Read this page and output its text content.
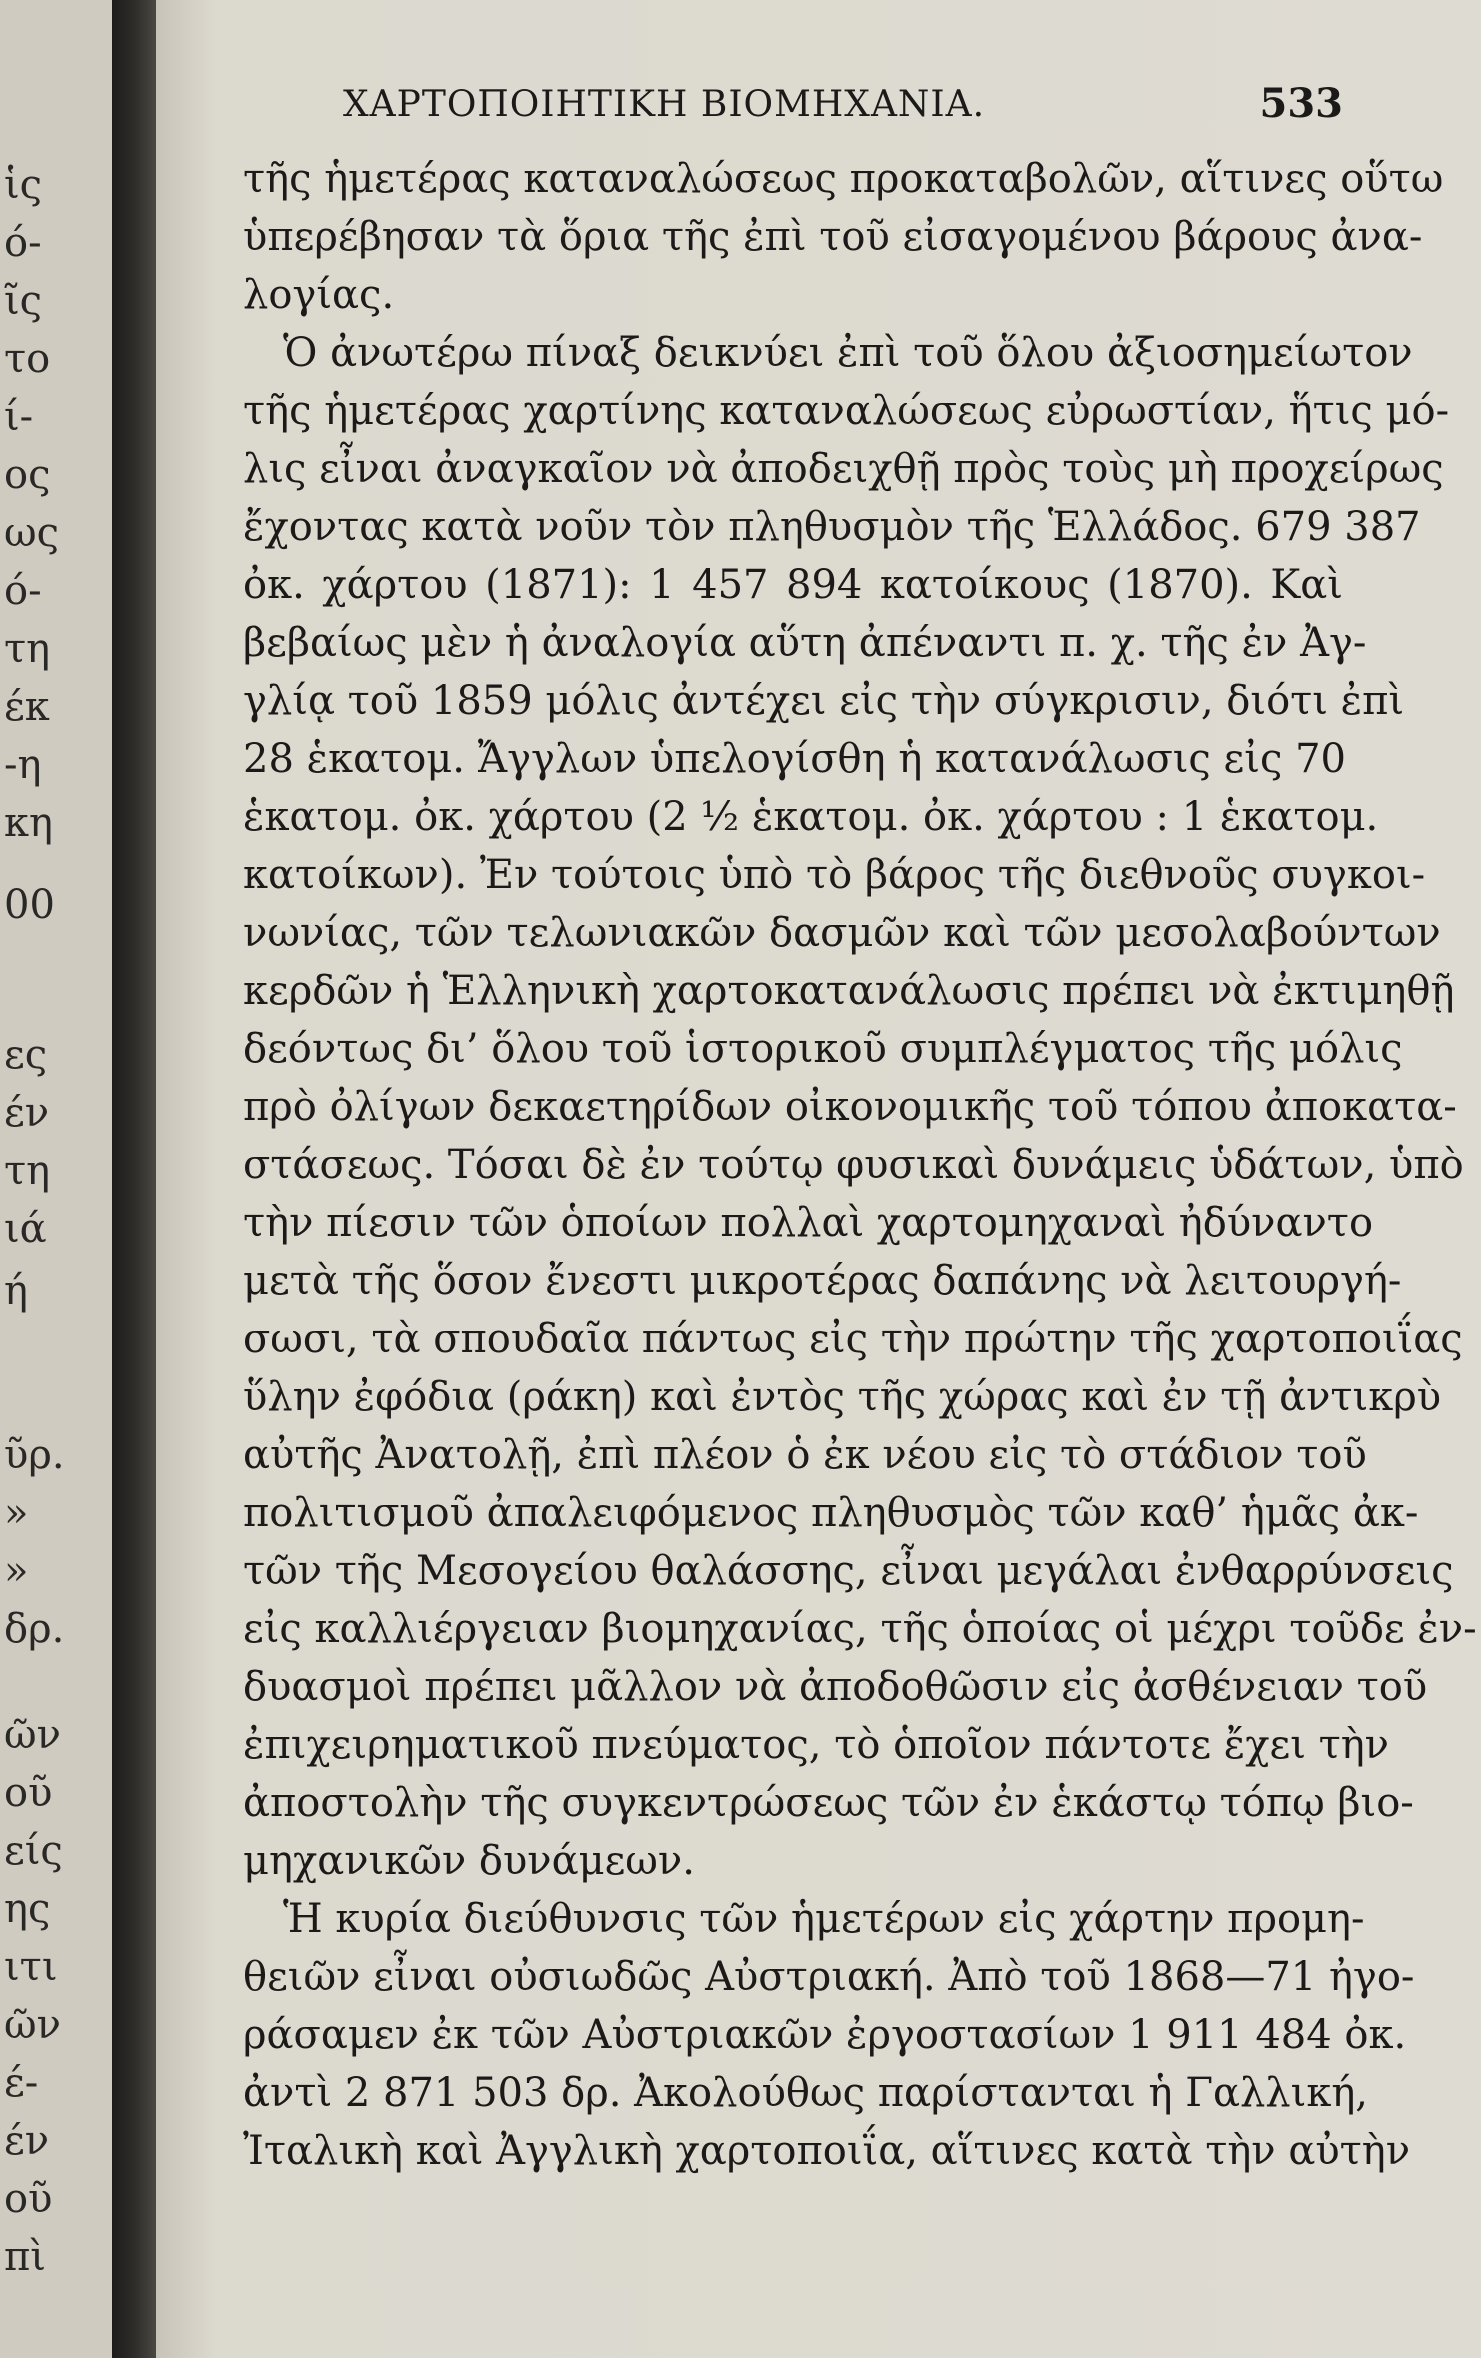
ἱς
ό-
ῖς
το
ί-
ος
ως
ό-
τη
έκ
-η
κη
00
ες
έν
τη
ιά
ή
ῦρ.
»
»
δρ.
ῶν
οῦ
είς
ης
ιτι
ῶν
έ-
έν
οῦ
πὶ
ΧΑΡΤΟΠΟΙΗΤΙΚΗ ΒΙΟΜΗΧΑΝΙΑ.	533
τῆς ἡμετέρας καταναλώσεως προκαταβολῶν, αἵτινες οὕτω
ὑπερέβησαν τὰ ὅρια τῆς ἐπὶ τοῦ εἰσαγομένου βάρους ἀνα-
λογίας.
Ὁ ἀνωτέρω πίναξ δεικνύει ἐπὶ τοῦ ὅλου ἀξιοσημείωτον
τῆς ἡμετέρας χαρτίνης καταναλώσεως εὐρωστίαν, ἥτις μό-
λις εἶναι ἀναγκαῖον νὰ ἀποδειχθῇ πρὸς τοὺς μὴ προχείρως
ἔχοντας κατὰ νοῦν τὸν πληθυσμὸν τῆς Ἑλλάδος. 679 387
ὀκ. χάρτου (1871): 1 457 894 κατοίκους (1870). Καὶ
βεβαίως μὲν ἡ ἀναλογία αὕτη ἀπέναντι π. χ. τῆς ἐν Ἀγ-
γλίᾳ τοῦ 1859 μόλις ἀντέχει εἰς τὴν σύγκρισιν, διότι ἐπὶ
28 ἑκατομ. Ἄγγλων ὑπελογίσθη ἡ κατανάλωσις εἰς 70
ἑκατομ. ὀκ. χάρτου (2 ½ ἑκατομ. ὀκ. χάρτου : 1 ἑκατομ.
κατοίκων). Ἐν τούτοις ὑπὸ τὸ βάρος τῆς διεθνοῦς συγκοι-
νωνίας, τῶν τελωνιακῶν δασμῶν καὶ τῶν μεσολαβούντων
κερδῶν ἡ Ἑλληνικὴ χαρτοκατανάλωσις πρέπει νὰ ἐκτιμηθῇ
δεόντως δι’ ὅλου τοῦ ἱστορικοῦ συμπλέγματος τῆς μόλις
πρὸ ὀλίγων δεκαετηρίδων οἰκονομικῆς τοῦ τόπου ἀποκατα-
στάσεως. Τόσαι δὲ ἐν τούτῳ φυσικαὶ δυνάμεις ὑδάτων, ὑπὸ
τὴν πίεσιν τῶν ὁποίων πολλαὶ χαρτομηχαναὶ ἠδύναντο
μετὰ τῆς ὅσον ἔνεστι μικροτέρας δαπάνης νὰ λειτουργή-
σωσι, τὰ σπουδαῖα πάντως εἰς τὴν πρώτην τῆς χαρτοποιΐας
ὕλην ἐφόδια (ράκη) καὶ ἐντὸς τῆς χώρας καὶ ἐν τῇ ἀντικρὺ
αὐτῆς Ἀνατολῇ, ἐπὶ πλέον ὁ ἐκ νέου εἰς τὸ στάδιον τοῦ
πολιτισμοῦ ἀπαλειφόμενος πληθυσμὸς τῶν καθ’ ἡμᾶς ἀκ-
τῶν τῆς Μεσογείου θαλάσσης, εἶναι μεγάλαι ἐνθαρρύνσεις
εἰς καλλιέργειαν βιομηχανίας, τῆς ὁποίας οἱ μέχρι τοῦδε ἐν-
δυασμοὶ πρέπει μᾶλλον νὰ ἀποδοθῶσιν εἰς ἀσθένειαν τοῦ
ἐπιχειρηματικοῦ πνεύματος, τὸ ὁποῖον πάντοτε ἔχει τὴν
ἀποστολὴν τῆς συγκεντρώσεως τῶν ἐν ἑκάστῳ τόπῳ βιο-
μηχανικῶν δυνάμεων.
Ἡ κυρία διεύθυνσις τῶν ἡμετέρων εἰς χάρτην προμη-
θειῶν εἶναι οὐσιωδῶς Αὐστριακή. Ἀπὸ τοῦ 1868—71 ἠγο-
ράσαμεν ἐκ τῶν Αὐστριακῶν ἐργοστασίων 1 911 484 ὀκ.
ἀντὶ 2 871 503 δρ. Ἀκολούθως παρίστανται ἡ Γαλλική,
Ἰταλικὴ καὶ Ἀγγλικὴ χαρτοποιΐα, αἵτινες κατὰ τὴν αὐτὴν
